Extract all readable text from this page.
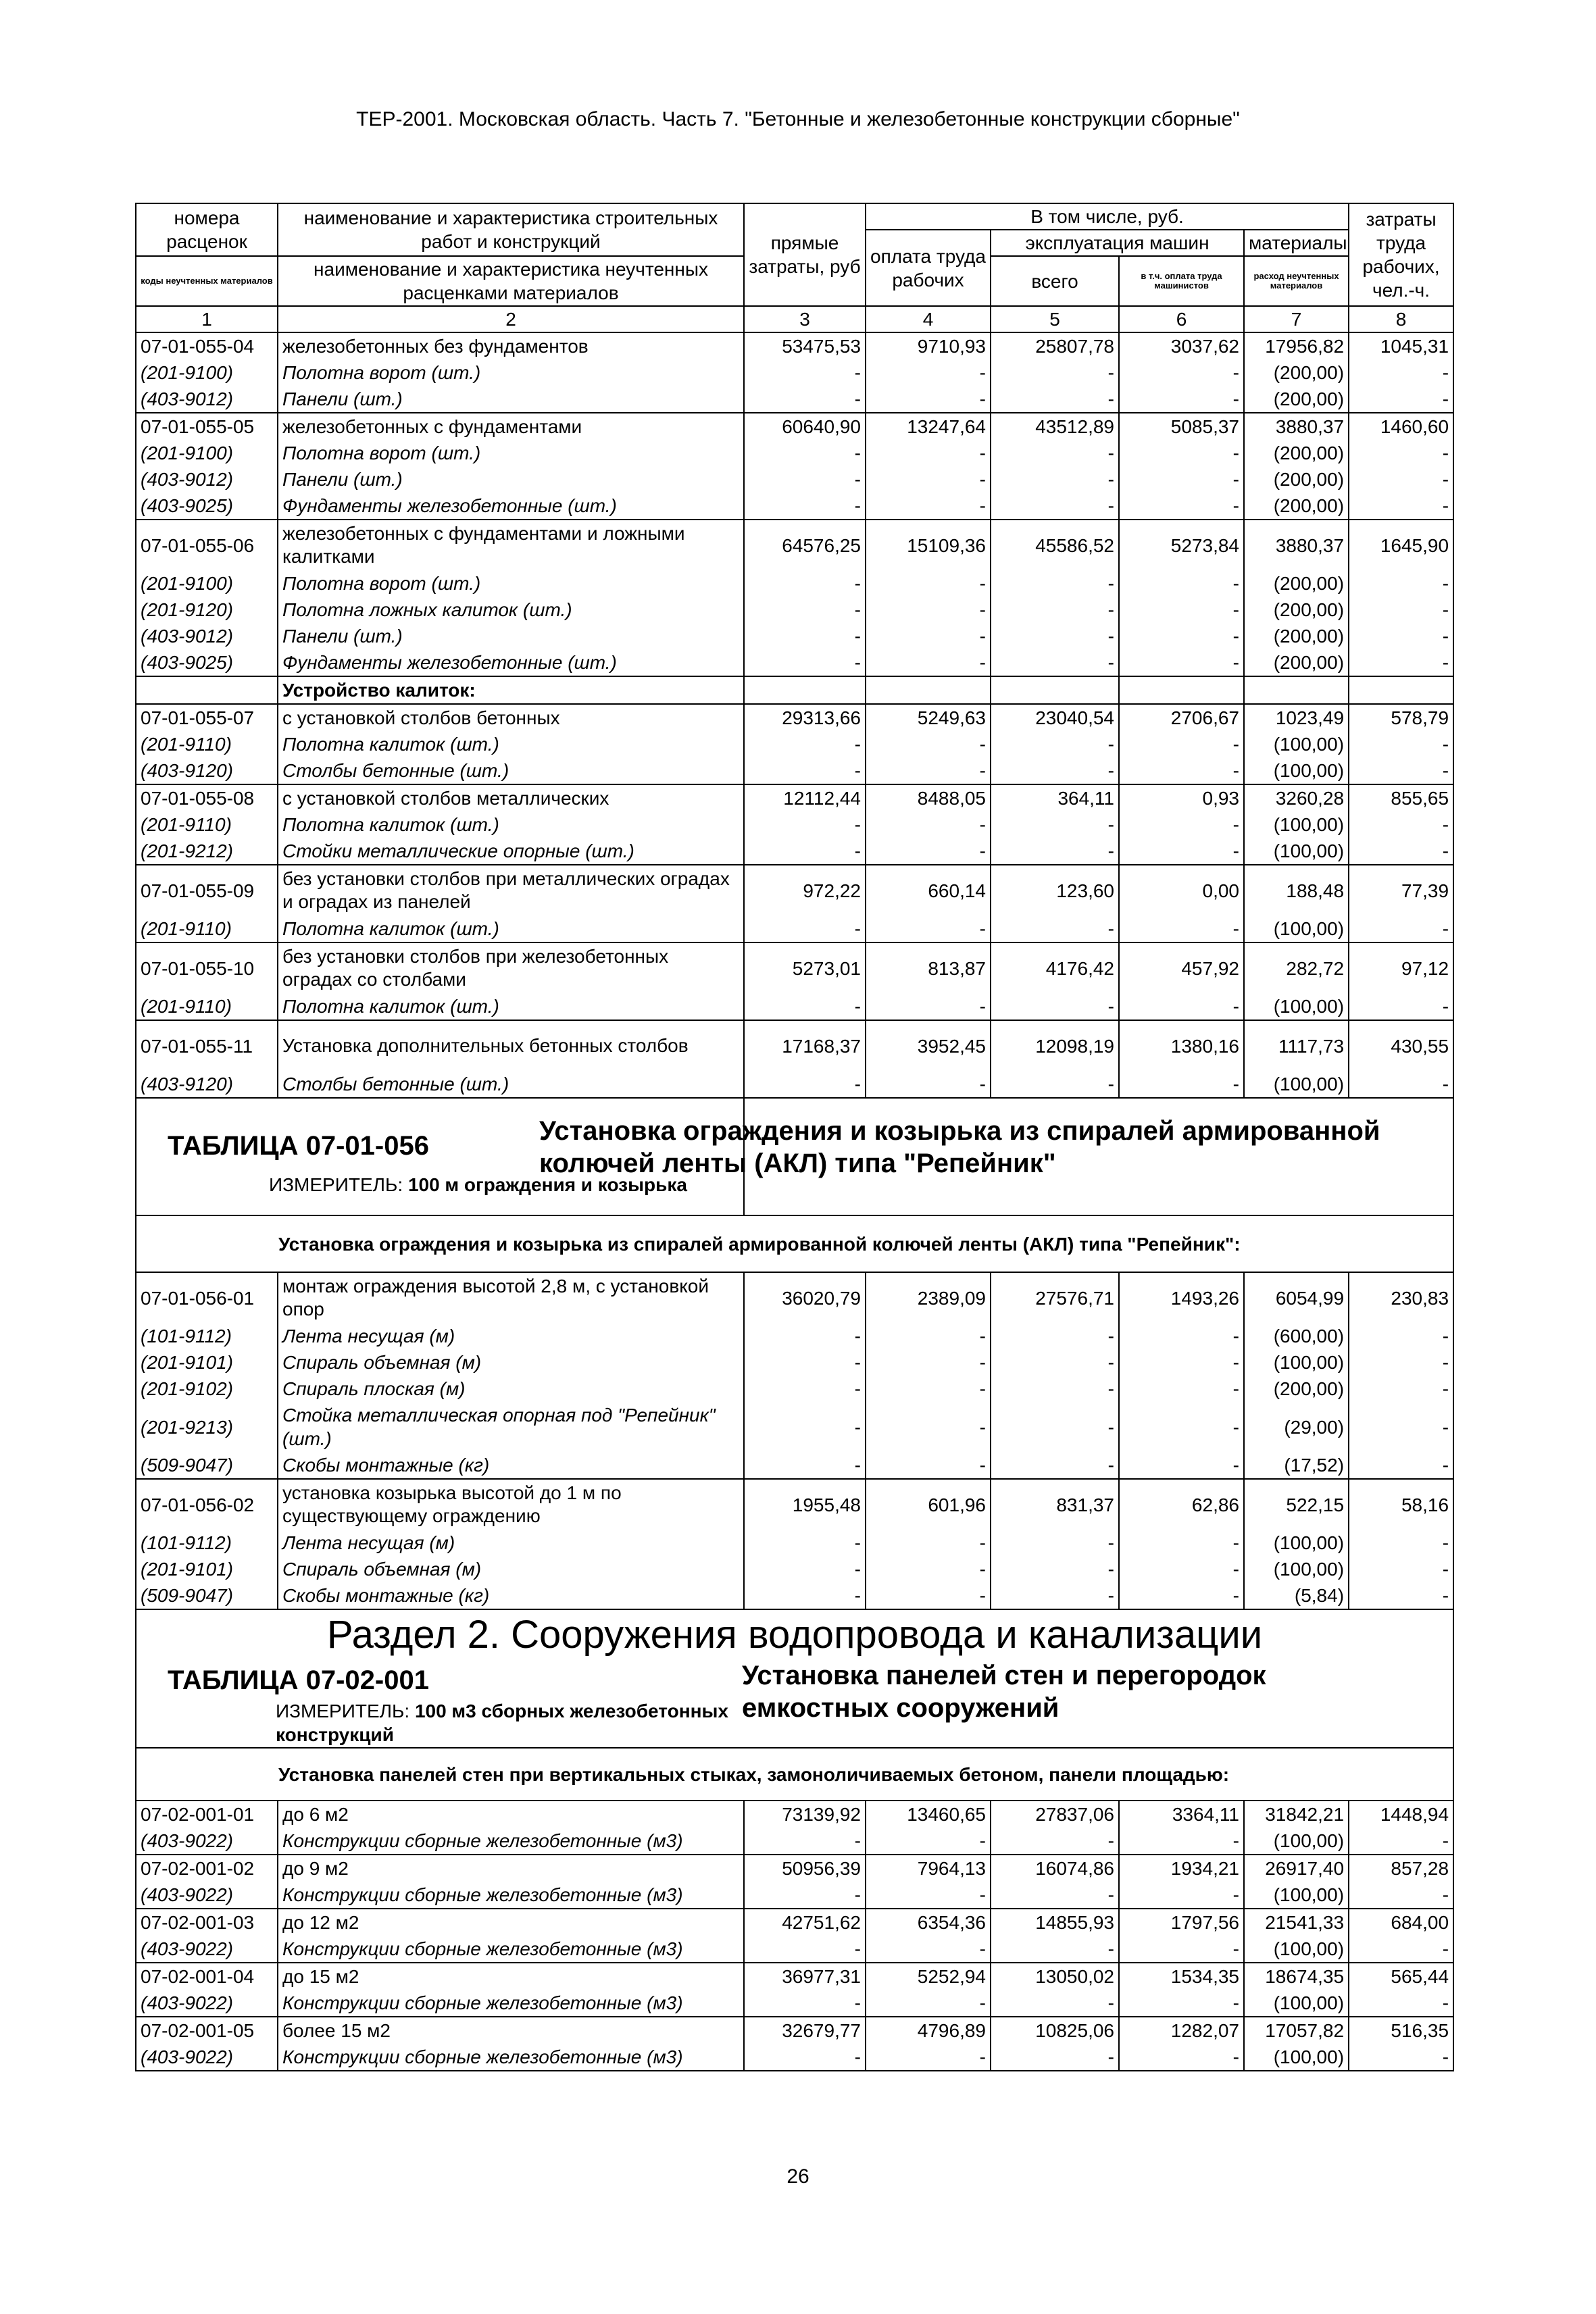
ТЕР-2001. Московская область. Часть 7. "Бетонные и железобетонные конструкции сборные"
номера расценок	наименование и характеристика строительных работ и конструкций	прямые затраты, руб	В том числе, руб.				затраты труда рабочих, чел.-ч.
			оплата труда рабочих	эксплуатация машин		материалы	
коды неучтенных материалов	наименование и характеристика неучтенных расценками материалов			всего	в т.ч. оплата труда машинистов	расход неучтенных материалов	

1	2	3	4	5	6	7	8
07-01-055-04	железобетонных без фундаментов	53475,53	9710,93	25807,78	3037,62	17956,82	1045,31
(201-9100)	Полотна ворот (шт.)	-	-	-	-	(200,00)	-
(403-9012)	Панели (шт.)	-	-	-	-	(200,00)	-
07-01-055-05	железобетонных с фундаментами	60640,90	13247,64	43512,89	5085,37	3880,37	1460,60
(201-9100)	Полотна ворот (шт.)	-	-	-	-	(200,00)	-
(403-9012)	Панели (шт.)	-	-	-	-	(200,00)	-
(403-9025)	Фундаменты железобетонные (шт.)	-	-	-	-	(200,00)	-
07-01-055-06	железобетонных с фундаментами и ложными калитками	64576,25	15109,36	45586,52	5273,84	3880,37	1645,90
(201-9100)	Полотна ворот (шт.)	-	-	-	-	(200,00)	-
(201-9120)	Полотна ложных калиток (шт.)	-	-	-	-	(200,00)	-
(403-9012)	Панели (шт.)	-	-	-	-	(200,00)	-
(403-9025)	Фундаменты железобетонные (шт.)	-	-	-	-	(200,00)	-
	Устройство калиток:						
07-01-055-07	с установкой столбов бетонных	29313,66	5249,63	23040,54	2706,67	1023,49	578,79
(201-9110)	Полотна калиток (шт.)	-	-	-	-	(100,00)	-
(403-9120)	Столбы бетонные (шт.)	-	-	-	-	(100,00)	-
07-01-055-08	с установкой столбов металлических	12112,44	8488,05	364,11	0,93	3260,28	855,65
(201-9110)	Полотна калиток (шт.)	-	-	-	-	(100,00)	-
(201-9212)	Стойки металлические опорные (шт.)	-	-	-	-	(100,00)	-
07-01-055-09	без установки столбов при металлических оградах и оградах из панелей	972,22	660,14	123,60	0,00	188,48	77,39
(201-9110)	Полотна калиток (шт.)	-	-	-	-	(100,00)	-
07-01-055-10	без установки столбов при железобетонных оградах со столбами	5273,01	813,87	4176,42	457,92	282,72	97,12
(201-9110)	Полотна калиток (шт.)	-	-	-	-	(100,00)	-
07-01-055-11	Установка дополнительных бетонных столбов	17168,37	3952,45	12098,19	1380,16	1117,73	430,55
(403-9120)	Столбы бетонные (шт.)	-	-	-	-	(100,00)	-

ТАБЛИЦА 07-01-056
ИЗМЕРИТЕЛЬ: 100 м ограждения и козырька		Установка ограждения и козырька из спиралей армированной колючей ленты (АКЛ) типа "Репейник"					

Установка ограждения и козырька из спиралей армированной колючей ленты (АКЛ) типа "Репейник":							
07-01-056-01	монтаж ограждения высотой 2,8 м, с установкой опор	36020,79	2389,09	27576,71	1493,26	6054,99	230,83
(101-9112)	Лента несущая (м)	-	-	-	-	(600,00)	-
(201-9101)	Спираль объемная (м)	-	-	-	-	(100,00)	-
(201-9102)	Спираль плоская (м)	-	-	-	-	(200,00)	-
(201-9213)	Стойка металлическая опорная под "Репейник" (шт.)	-	-	-	-	(29,00)	-
(509-9047)	Скобы монтажные (кг)	-	-	-	-	(17,52)	-
07-01-056-02	установка козырька высотой до 1 м по существующему ограждению	1955,48	601,96	831,37	62,86	522,15	58,16
(101-9112)	Лента несущая (м)	-	-	-	-	(100,00)	-
(201-9101)	Спираль объемная (м)	-	-	-	-	(100,00)	-
(509-9047)	Скобы монтажные (кг)	-	-	-	-	(5,84)	-

Раздел 2. Сооружения водопровода и канализации
ТАБЛИЦА 07-02-001
ИЗМЕРИТЕЛЬ: 100 м3 сборных железобетонных конструкций
Установка панелей стен и перегородок емкостных сооружений							

Установка панелей стен при вертикальных стыках, замоноличиваемых бетоном, панели площадью:							
07-02-001-01	до 6 м2	73139,92	13460,65	27837,06	3364,11	31842,21	1448,94
(403-9022)	Конструкции сборные железобетонные (м3)	-	-	-	-	(100,00)	-
07-02-001-02	до 9 м2	50956,39	7964,13	16074,86	1934,21	26917,40	857,28
(403-9022)	Конструкции сборные железобетонные (м3)	-	-	-	-	(100,00)	-
07-02-001-03	до 12 м2	42751,62	6354,36	14855,93	1797,56	21541,33	684,00
(403-9022)	Конструкции сборные железобетонные (м3)	-	-	-	-	(100,00)	-
07-02-001-04	до 15 м2	36977,31	5252,94	13050,02	1534,35	18674,35	565,44
(403-9022)	Конструкции сборные железобетонные (м3)	-	-	-	-	(100,00)	-
07-02-001-05	более 15 м2	32679,77	4796,89	10825,06	1282,07	17057,82	516,35
(403-9022)	Конструкции сборные железобетонные (м3)	-	-	-	-	(100,00)	-
26
